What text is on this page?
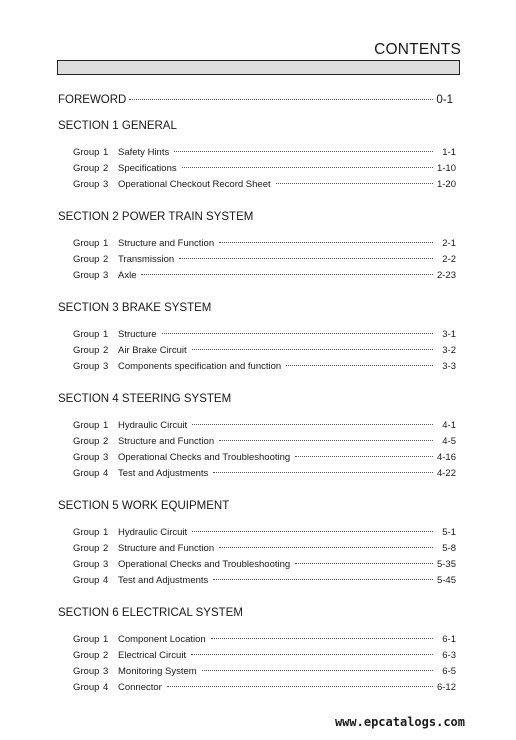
CONTENTS
FOREWORD	0-1
SECTION 1 GENERAL
Group 1	Safety Hints	1-1
Group 2	Specifications	1-10
Group 3	Operational Checkout Record Sheet	1-20
SECTION 2 POWER TRAIN SYSTEM
Group 1	Structure and Function	2-1
Group 2	Transmission	2-2
Group 3	Axle	2-23
SECTION 3 BRAKE SYSTEM
Group 1	Structure	3-1
Group 2	Air Brake Circuit	3-2
Group 3	Components specification and function	3-3
SECTION 4 STEERING SYSTEM
Group 1	Hydraulic Circuit	4-1
Group 2	Structure and Function	4-5
Group 3	Operational Checks and Troubleshooting	4-16
Group 4	Test and Adjustments	4-22
SECTION 5 WORK EQUIPMENT
Group 1	Hydraulic Circuit	5-1
Group 2	Structure and Function	5-8
Group 3	Operational Checks and Troubleshooting	5-35
Group 4	Test and Adjustments	5-45
SECTION 6 ELECTRICAL SYSTEM
Group 1	Component Location	6-1
Group 2	Electrical Circuit	6-3
Group 3	Monitoring System	6-5
Group 4	Connector	6-12
www.epcatalogs.com
